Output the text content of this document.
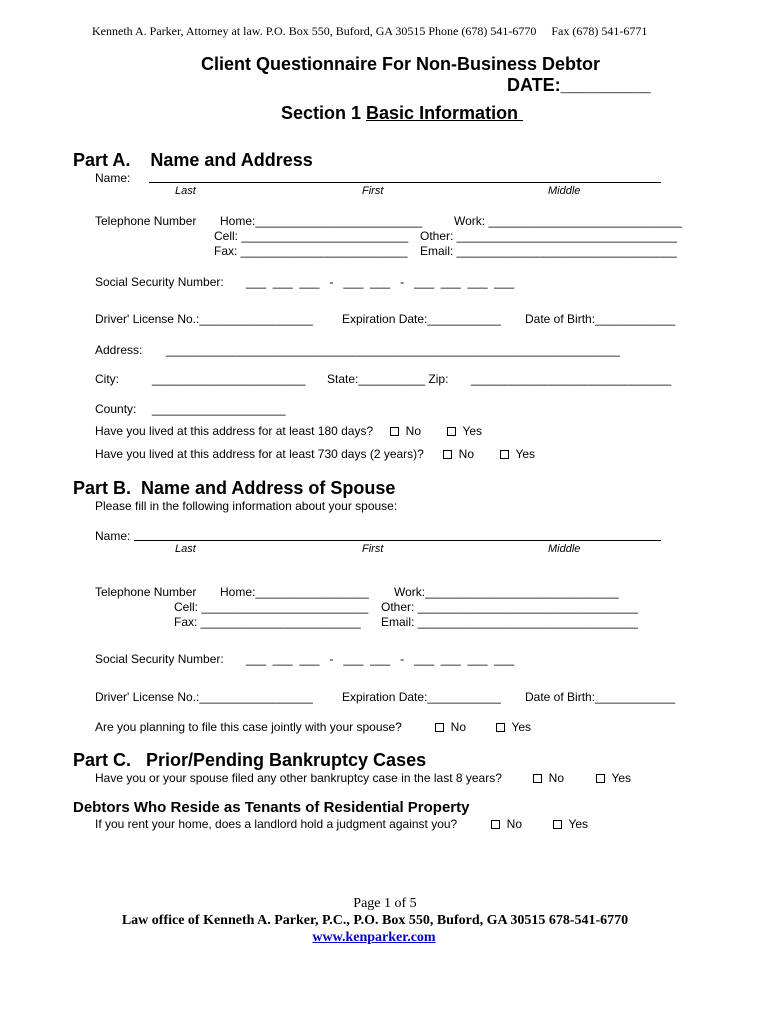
Kenneth A. Parker, Attorney at law. P.O. Box 550, Buford, GA 30515 Phone (678) 541-6770     Fax (678) 541-6771
Client Questionnaire For Non-Business Debtor
DATE:_________
Section 1 Basic Information
Part A.    Name and Address
Name:
Last	First	Middle
Telephone Number Home:_________________________	Work: _____________________________
Cell: _________________________ Other: _________________________________
Fax: _________________________ Email: _________________________________
Social Security Number: ___  ___  ___   -   ___  ___   -   ___  ___  ___  ___
Driver' License No.:_________________ Expiration Date:___________ Date of Birth:____________
Address: ____________________________________________________________________
City:	_______________________ State:__________ Zip: ______________________________
County: ____________________
Have you lived at this address for at least 180 days?	No	Yes
Have you lived at this address for at least 730 days (2 years)?	No	Yes
Part B.  Name and Address of Spouse
Please fill in the following information about your spouse:
Name:
Last	First	Middle
Telephone Number Home:_________________ Work:_____________________________
Cell: _________________________ Other: _________________________________
Fax: ________________________ Email: _________________________________
Social Security Number: ___  ___  ___   -   ___  ___   -   ___  ___  ___  ___
Driver' License No.:_________________ Expiration Date:___________ Date of Birth:____________
Are you planning to file this case jointly with your spouse?	No	Yes
Part C.   Prior/Pending Bankruptcy Cases
Have you or your spouse filed any other bankruptcy case in the last 8 years?	No	Yes
Debtors Who Reside as Tenants of Residential Property
If you rent your home, does a landlord hold a judgment against you?	No	Yes
Page 1 of 5
Law office of Kenneth A. Parker, P.C., P.O. Box 550, Buford, GA 30515 678-541-6770
www.kenparker.com
